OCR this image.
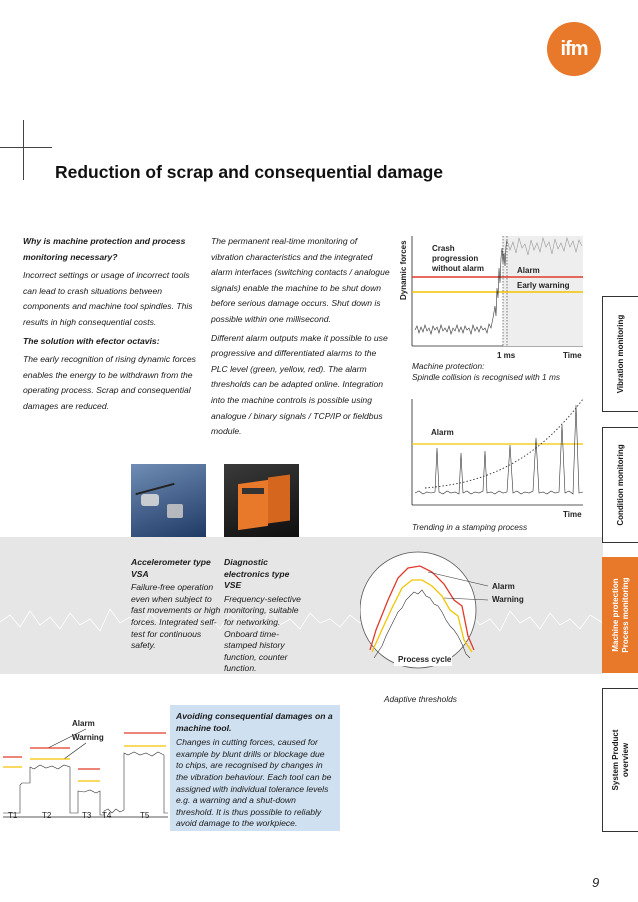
ifm
Reduction of scrap and consequential damage

Why is machine protection and process monitoring necessary?

Incorrect settings or usage of incorrect tools can lead to crash situations between components and machine tool spindles. This results in high consequential costs.

The solution with efector octavis:

The early recognition of rising dynamic forces enables the energy to be withdrawn from the operating process. Scrap and consequential damages are reduced.

The permanent real-time monitoring of vibration characteristics and the integrated alarm interfaces (switching contacts / analogue signals) enable the machine to be shut down before serious damage occurs. Shut down is possible within one millisecond.

Different alarm outputs make it possible to use progressive and differentiated alarms to the PLC level (green, yellow, red). The alarm thresholds can be adapted online. Integration into the machine controls is possible using analogue / binary signals / TCP/IP or fieldbus module.

Dynamic forces	Crash
progression
without alarm	Alarm
Early warning
1 ms	Time
Machine protection:
Spindle collision is recognised with 1 ms
Alarm
Time
Trending in a stamping process

Accelerometer type VSA

Failure-free operation even when subject to fast movements or high forces. Integrated self-test for continuous safety.

Diagnostic electronics type VSE

Frequency-selective monitoring, suitable for networking. Onboard time-stamped history function, counter function.

Process cycle
Alarm
Warning
Adaptive thresholds
Alarm
Warning
T1	T2	T3 T4	T5

Avoiding consequential damages on a machine tool.

Changes in cutting forces, caused for example by blunt drills or blockage due to chips, are recognised by changes in the vibration behaviour. Each tool can be assigned with individual tolerance levels e.g. a warning and a shut-down threshold. It is thus possible to reliably avoid damage to the workpiece.

Vibration monitoring
Condition monitoring
Machine protection Process monitoring
System Product overview
9
